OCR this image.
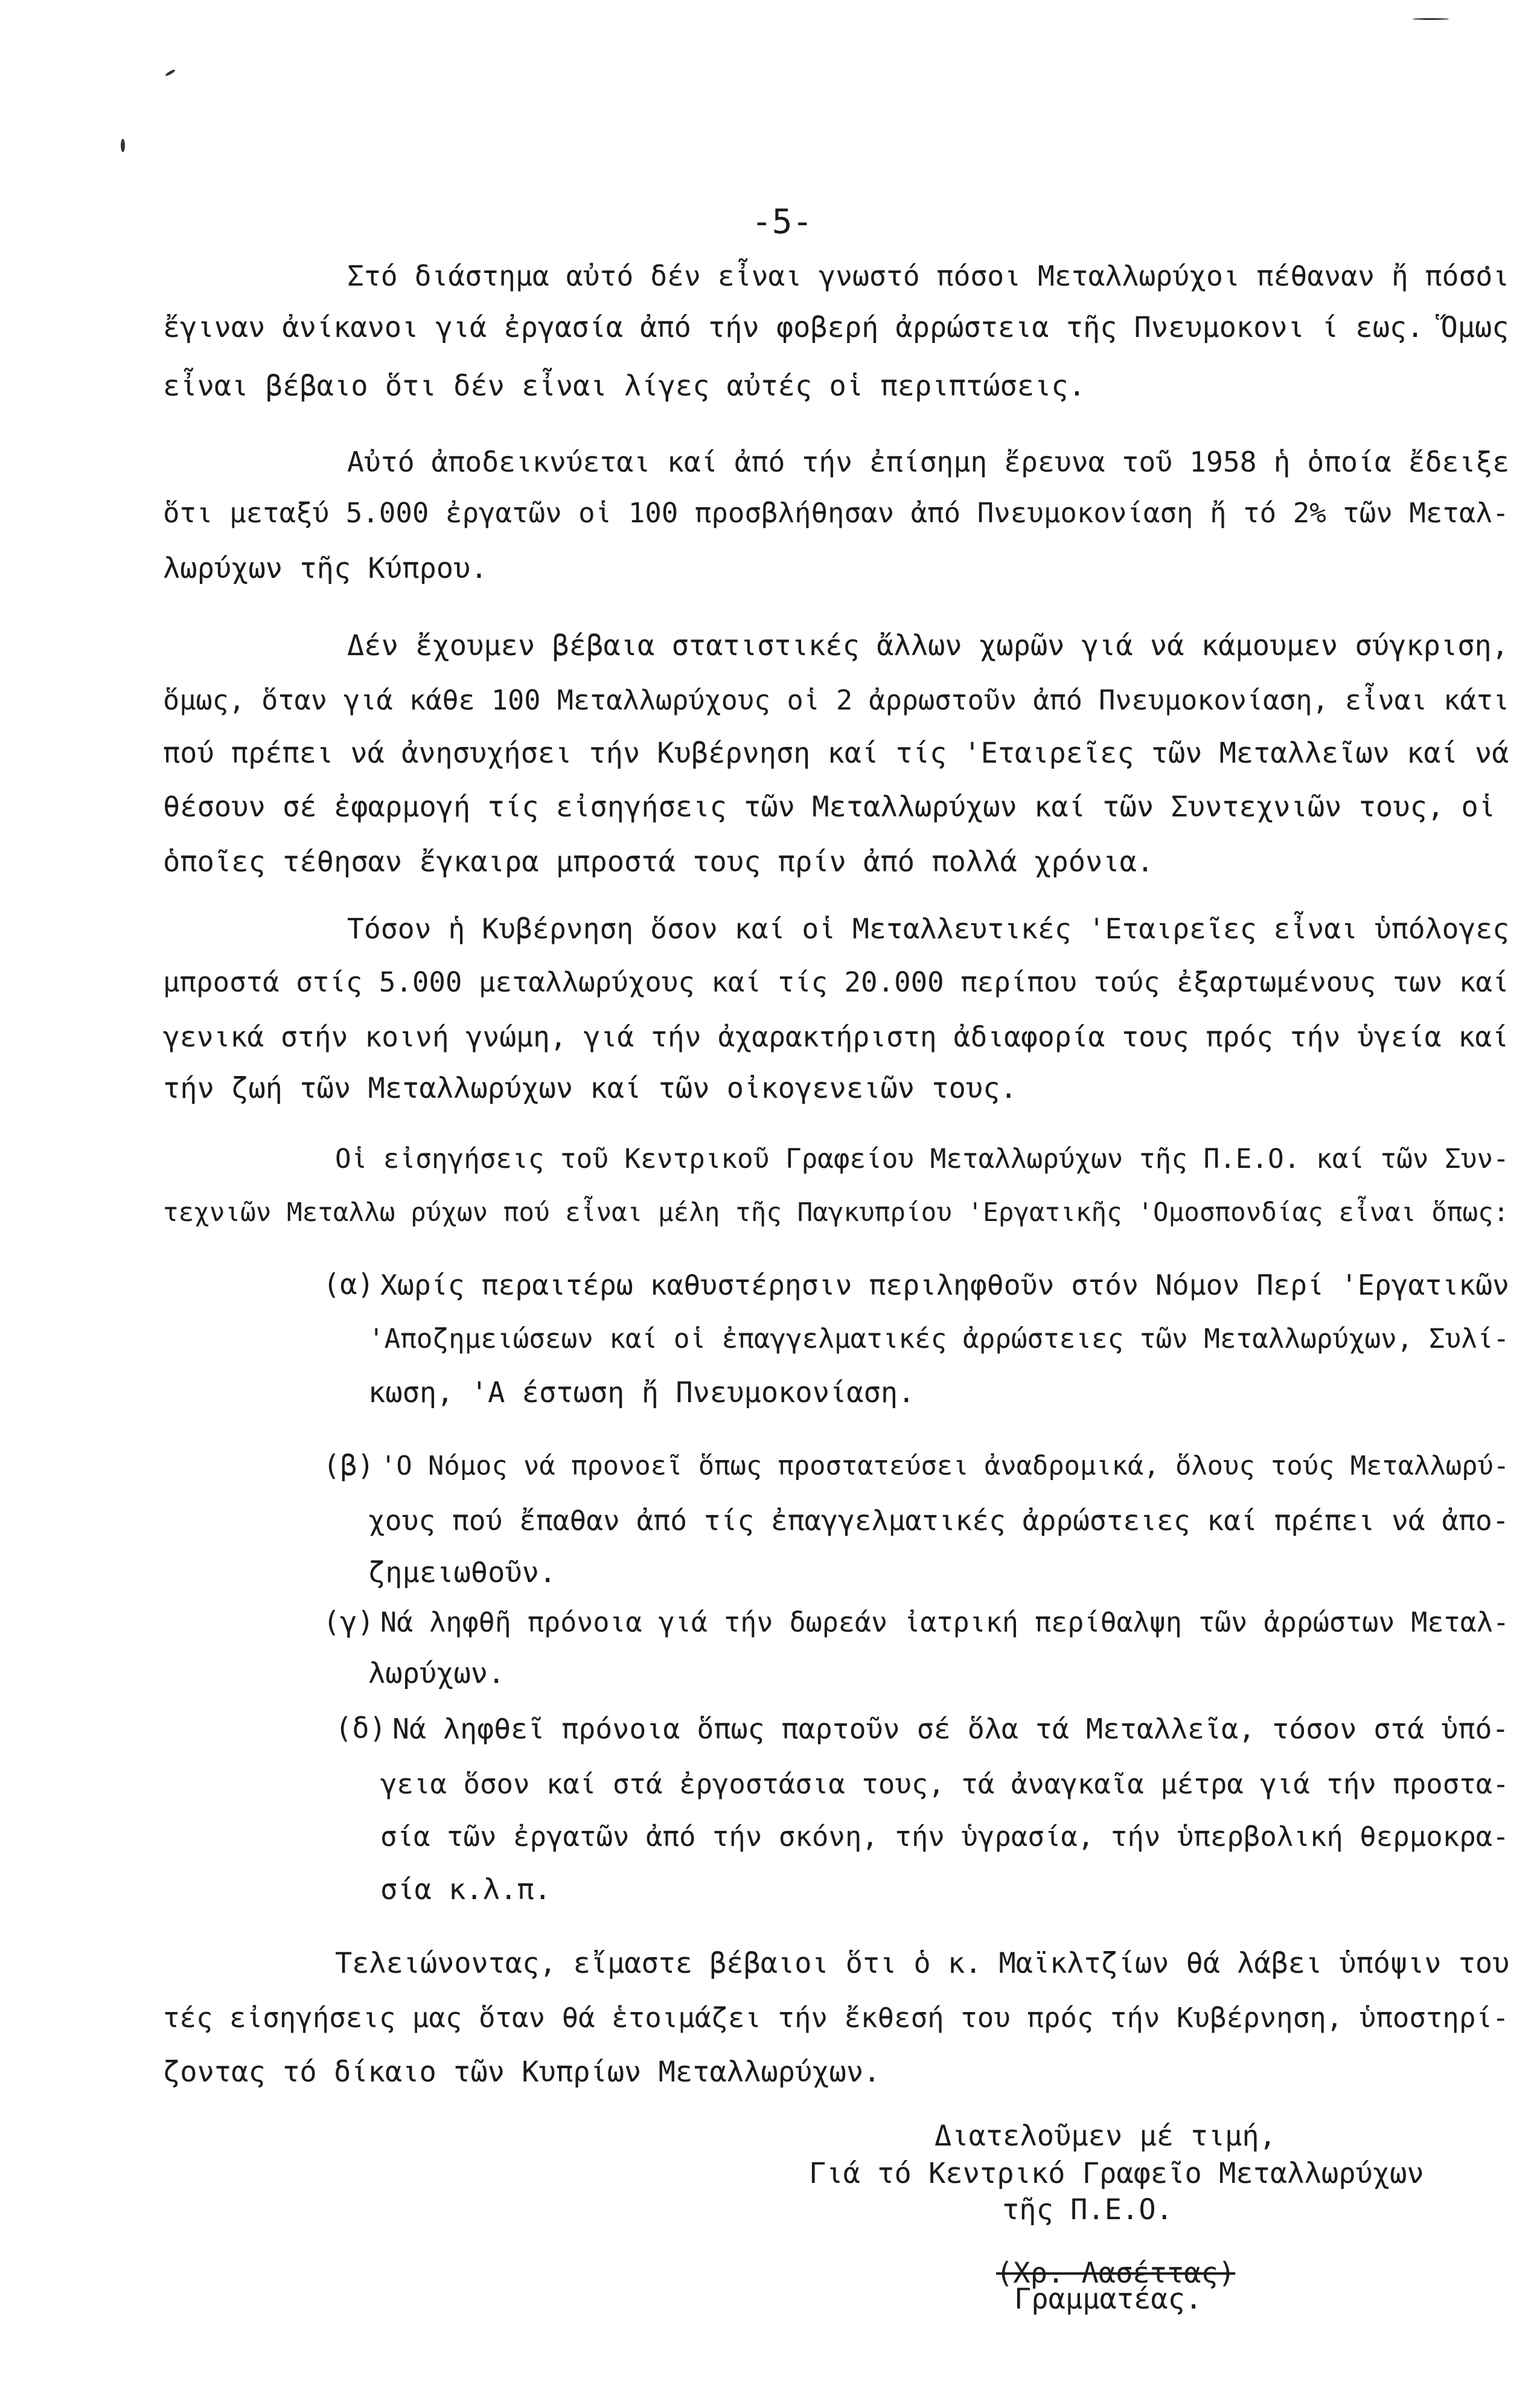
-5-
Στό διάστημα αὐτό δέν εἶναι γνωστό πόσοι Μεταλλωρύχοι πέθαναν ἤ πόσοι
ἔγιναν ἀνίκανοι γιά ἐργασία ἀπό τήν φοβερή ἀρρώστεια τῆς Πνευμοκονι ί εως. Ὅμως
εἶναι βέβαιο ὅτι δέν εἶναι λίγες αὐτές οἱ περιπτώσεις.
Αὐτό ἀποδεικνύεται καί ἀπό τήν ἐπίσημη ἔρευνα τοῦ 1958 ἡ ὁποία ἔδειξε
ὅτι μεταξύ 5.000 ἐργατῶν οἱ 100 προσβλήθησαν ἀπό Πνευμοκονίαση ἤ τό 2% τῶν Μεταλ-
λωρύχων τῆς Κύπρου.
Δέν ἔχουμεν βέβαια στατιστικές ἄλλων χωρῶν γιά νά κάμουμεν σύγκριση,
ὅμως, ὅταν γιά κάθε 100 Μεταλλωρύχους οἱ 2 ἀρρωστοῦν ἀπό Πνευμοκονίαση, εἶναι κάτι
πού πρέπει νά ἀνησυχήσει τήν Κυβέρνηση καί τίς 'Εταιρεῖες τῶν Μεταλλεῖων καί νά
θέσουν σέ ἐφαρμογή τίς εἰσηγήσεις τῶν Μεταλλωρύχων καί τῶν Συντεχνιῶν τους, οἱ
ὁποῖες τέθησαν ἔγκαιρα μπροστά τους πρίν ἀπό πολλά χρόνια.
Τόσον ἡ Κυβέρνηση ὅσον καί οἱ Μεταλλευτικές 'Εταιρεῖες εἶναι ὑπόλογες
μπροστά στίς 5.000 μεταλλωρύχους καί τίς 20.000 περίπου τούς ἐξαρτωμένους των καί
γενικά στήν κοινή γνώμη, γιά τήν ἀχαρακτήριστη ἀδιαφορία τους πρός τήν ὑγεία καί
τήν ζωή τῶν Μεταλλωρύχων καί τῶν οἰκογενειῶν τους.
Οἱ εἰσηγήσεις τοῦ Κεντρικοῦ Γραφείου Μεταλλωρύχων τῆς Π.Ε.Ο. καί τῶν Συν-
τεχνιῶν Μεταλλω ρύχων πού εἶναι μέλη τῆς Παγκυπρίου 'Εργατικῆς 'Ομοσπονδίας εἶναι ὅπως:
(α) Χωρίς περαιτέρω καθυστέρησιν περιληφθοῦν στόν Νόμον Περί 'Εργατικῶν
'Αποζημειώσεων καί οἱ ἐπαγγελματικές ἀρρώστειες τῶν Μεταλλωρύχων, Συλί-
κωση, 'Α έστωση ἤ Πνευμοκονίαση.
(β) 'Ο Νόμος νά προνοεῖ ὅπως προστατεύσει ἀναδρομικά, ὅλους τούς Μεταλλωρύ-
χους πού ἔπαθαν ἀπό τίς ἐπαγγελματικές ἀρρώστειες καί πρέπει νά ἀπο-
ζημειωθοῦν.
(γ) Νά ληφθῆ πρόνοια γιά τήν δωρεάν ἰατρική περίθαλψη τῶν ἀρρώστων Μεταλ-
λωρύχων.
(δ) Νά ληφθεῖ πρόνοια ὅπως παρτοῦν σέ ὅλα τά Μεταλλεῖα, τόσον στά ὑπό-
γεια ὅσον καί στά ἐργοστάσια τους, τά ἀναγκαῖα μέτρα γιά τήν προστα-
σία τῶν ἐργατῶν ἀπό τήν σκόνη, τήν ὑγρασία, τήν ὑπερβολική θερμοκρα-
σία κ.λ.π.
Τελειώνοντας, εἴμαστε βέβαιοι ὅτι ὁ κ. Μαϊκλτζίων θά λάβει ὑπόψιν του
τές εἰσηγήσεις μας ὅταν θά ἑτοιμάζει τήν ἔκθεσή του πρός τήν Κυβέρνηση, ὑποστηρί-
ζοντας τό δίκαιο τῶν Κυπρίων Μεταλλωρύχων.
Διατελοῦμεν μέ τιμή,
Γιά τό Κεντρικό Γραφεῖο Μεταλλωρύχων
τῆς Π.Ε.Ο.
(Χρ. Λασέττας)
Γραμματέας.
